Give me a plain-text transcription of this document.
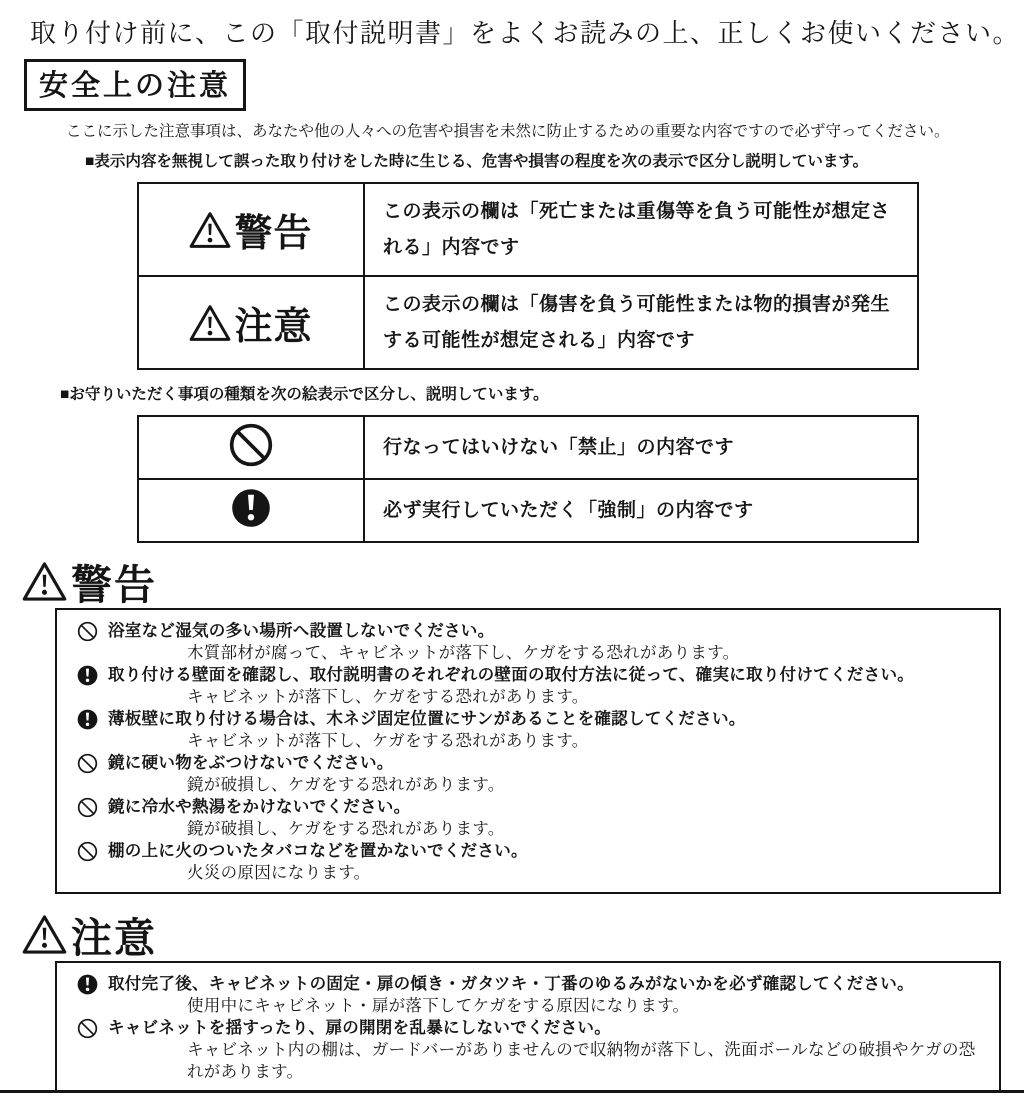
取り付け前に、この「取付説明書」をよくお読みの上、正しくお使いください。
安全上の注意

ここに示した注意事項は、あなたや他の人々への危害や損害を未然に防止するための重要な内容ですので必ず守ってください。

■表示内容を無視して誤った取り付けをした時に生じる、危害や損害の程度を次の表示で区分し説明しています。

警告	この表示の欄は「死亡または重傷等を負う可能性が想定される」内容です

注意	この表示の欄は「傷害を負う可能性または物的損害が発生する可能性が想定される」内容です

■お守りいただく事項の種類を次の絵表示で区分し、説明しています。

	行なってはいけない「禁止」の内容です
	必ず実行していただく「強制」の内容です
警告
浴室など湿気の多い場所へ設置しないでください。
木質部材が腐って、キャビネットが落下し、ケガをする恐れがあります。
取り付ける壁面を確認し、取付説明書のそれぞれの壁面の取付方法に従って、確実に取り付けてください。
キャビネットが落下し、ケガをする恐れがあります。
薄板壁に取り付ける場合は、木ネジ固定位置にサンがあることを確認してください。
キャビネットが落下し、ケガをする恐れがあります。
鏡に硬い物をぶつけないでください。
鏡が破損し、ケガをする恐れがあります。
鏡に冷水や熱湯をかけないでください。
鏡が破損し、ケガをする恐れがあります。
棚の上に火のついたタバコなどを置かないでください。
火災の原因になります。
注意
取付完了後、キャビネットの固定・扉の傾き・ガタツキ・丁番のゆるみがないかを必ず確認してください。
使用中にキャビネット・扉が落下してケガをする原因になります。
キャビネットを揺すったり、扉の開閉を乱暴にしないでください。
キャビネット内の棚は、ガードバーがありませんので収納物が落下し、洗面ボールなどの破損やケガの恐れがあります。
